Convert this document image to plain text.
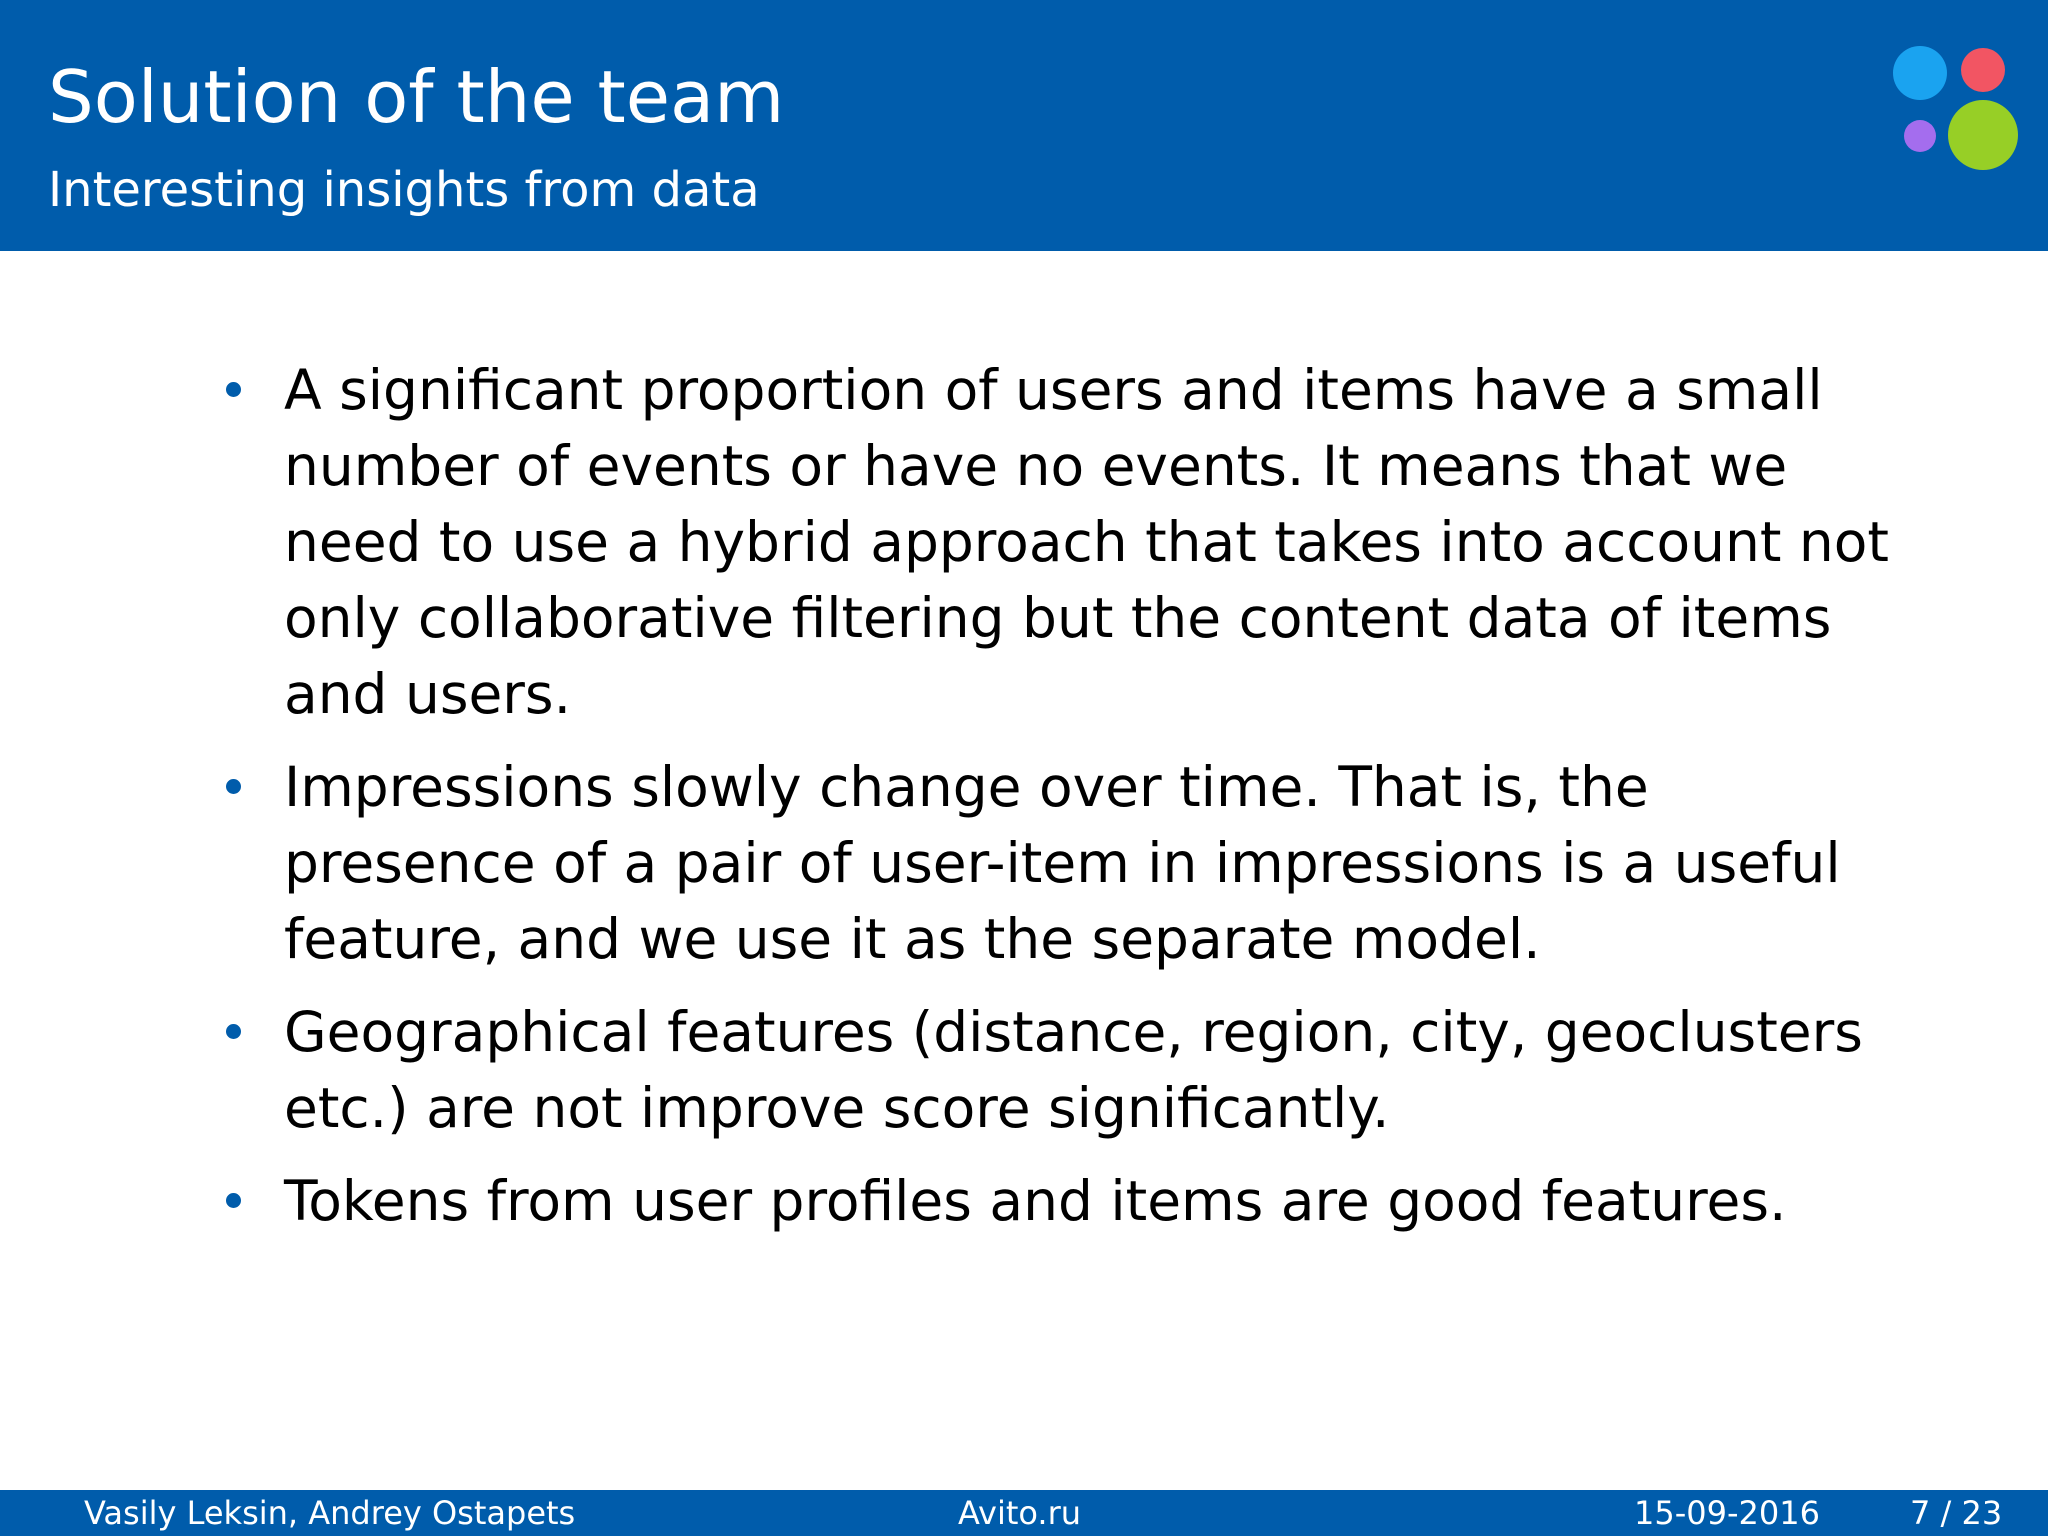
Solution of the team
Interesting insights from data
A significant proportion of users and items have a small number of events or have no events. It means that we need to use a hybrid approach that takes into account not only collaborative filtering but the content data of items and users.
Impressions slowly change over time. That is, the presence of a pair of user-item in impressions is a useful feature, and we use it as the separate model.
Geographical features (distance, region, city, geoclusters etc.) are not improve score significantly.
Tokens from user profiles and items are good features.
Vasily Leksin, Andrey Ostapets	Avito.ru	15-09-2016	7 / 23
